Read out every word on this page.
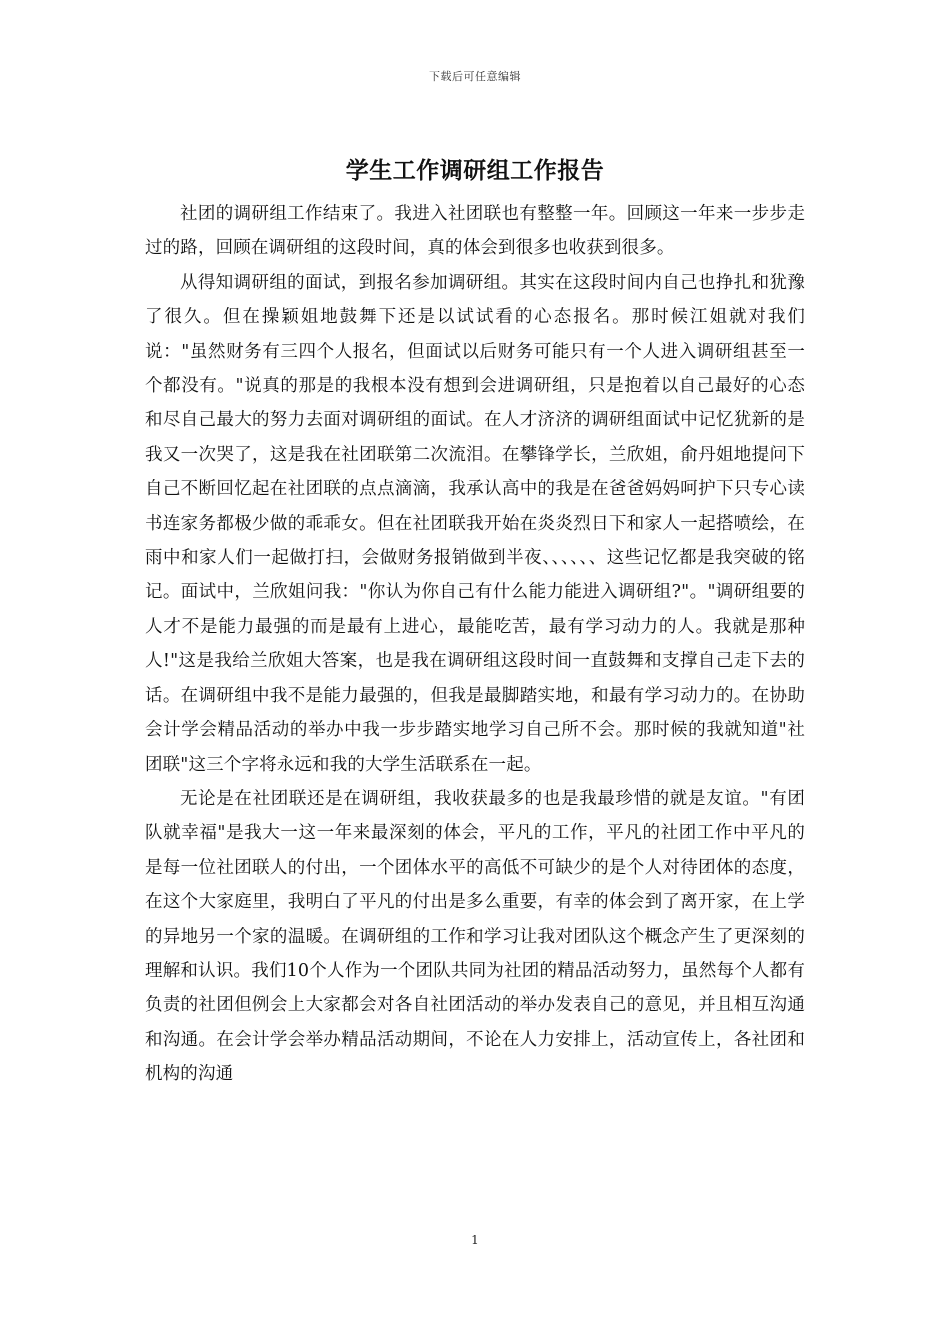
下载后可任意编辑
学生工作调研组工作报告

社团的调研组工作结束了。我进入社团联也有整整一年。回顾这一年来一步步走过的路，回顾在调研组的这段时间，真的体会到很多也收获到很多。

从得知调研组的面试，到报名参加调研组。其实在这段时间内自己也挣扎和犹豫了很久。但在操颖姐地鼓舞下还是以试试看的心态报名。那时候江姐就对我们说："虽然财务有三四个人报名，但面试以后财务可能只有一个人进入调研组甚至一个都没有。"说真的那是的我根本没有想到会进调研组，只是抱着以自己最好的心态和尽自己最大的努力去面对调研组的面试。在人才济济的调研组面试中记忆犹新的是我又一次哭了，这是我在社团联第二次流泪。在攀锋学长，兰欣姐，俞丹姐地提问下自己不断回忆起在社团联的点点滴滴，我承认高中的我是在爸爸妈妈呵护下只专心读书连家务都极少做的乖乖女。但在社团联我开始在炎炎烈日下和家人一起搭喷绘，在雨中和家人们一起做打扫，会做财务报销做到半夜、、、、、、这些记忆都是我突破的铭记。面试中，兰欣姐问我："你认为你自己有什么能力能进入调研组?"。"调研组要的人才不是能力最强的而是最有上进心，最能吃苦，最有学习动力的人。我就是那种人!"这是我给兰欣姐大答案，也是我在调研组这段时间一直鼓舞和支撑自己走下去的话。在调研组中我不是能力最强的，但我是最脚踏实地，和最有学习动力的。在协助会计学会精品活动的举办中我一步步踏实地学习自己所不会。那时候的我就知道"社团联"这三个字将永远和我的大学生活联系在一起。

无论是在社团联还是在调研组，我收获最多的也是我最珍惜的就是友谊。"有团队就幸福"是我大一这一年来最深刻的体会，平凡的工作，平凡的社团工作中平凡的是每一位社团联人的付出，一个团体水平的高低不可缺少的是个人对待团体的态度，在这个大家庭里，我明白了平凡的付出是多么重要，有幸的体会到了离开家，在上学的异地另一个家的温暖。在调研组的工作和学习让我对团队这个概念产生了更深刻的理解和认识。我们10个人作为一个团队共同为社团的精品活动努力，虽然每个人都有负责的社团但例会上大家都会对各自社团活动的举办发表自己的意见，并且相互沟通和沟通。在会计学会举办精品活动期间，不论在人力安排上，活动宣传上，各社团和机构的沟通

1
